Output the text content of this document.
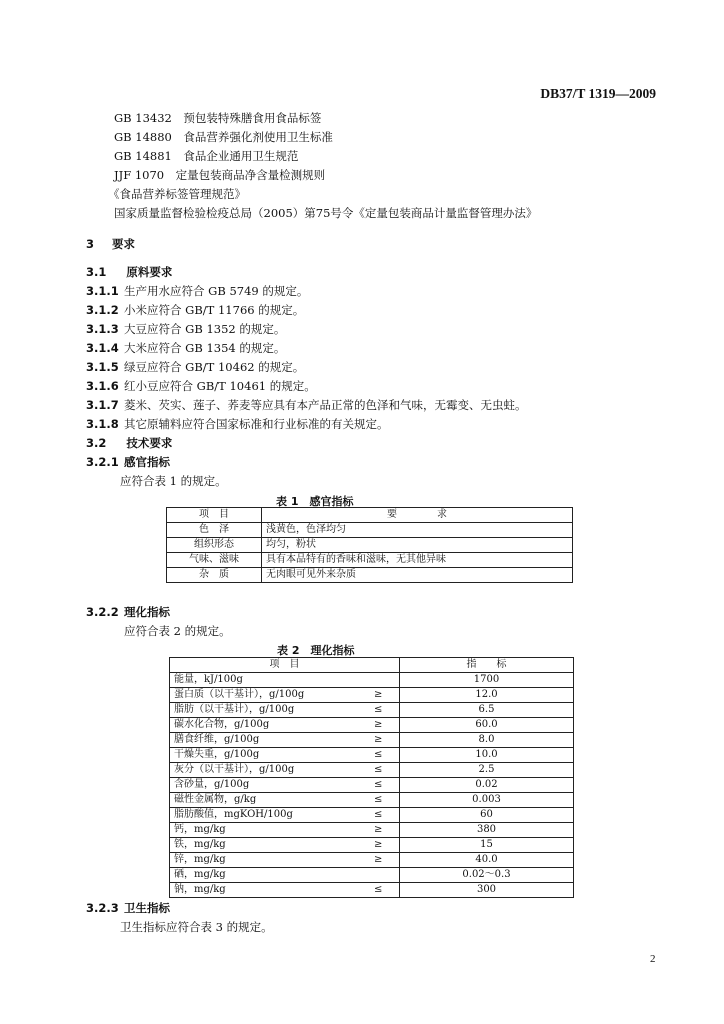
DB37/T 1319—2009
GB 13432　预包装特殊膳食用食品标签
GB 14880　食品营养强化剂使用卫生标准
GB 14881　食品企业通用卫生规范
JJF 1070　定量包装商品净含量检测规则
《食品营养标签管理规范》
国家质量监督检验检疫总局（2005）第75号令《定量包装商品计量监督管理办法》
3 要求
3.1 原料要求
3.1.1 生产用水应符合 GB 5749 的规定。
3.1.2 小米应符合 GB/T 11766 的规定。
3.1.3 大豆应符合 GB 1352 的规定。
3.1.4 大米应符合 GB 1354 的规定。
3.1.5 绿豆应符合 GB/T 10462 的规定。
3.1.6 红小豆应符合 GB/T 10461 的规定。
3.1.7 菱米、芡实、莲子、荞麦等应具有本产品正常的色泽和气味，无霉变、无虫蛀。
3.1.8 其它原辅料应符合国家标准和行业标准的有关规定。
3.2 技术要求
3.2.1 感官指标
应符合表 1 的规定。
表 1　感官指标
项　目	要　　　　求
色　泽	浅黄色，色泽均匀
组织形态	均匀，粉状
气味、滋味	具有本品特有的香味和滋味，无其他异味
杂　质	无肉眼可见外来杂质
3.2.2 理化指标
应符合表 2 的规定。
表 2　理化指标
项　目		指　　标
能量，kJ/100g		1700
蛋白质（以干基计），g/100g	≥	12.0
脂肪（以干基计），g/100g	≤	6.5
碳水化合物，g/100g	≥	60.0
膳食纤维，g/100g	≥	8.0
干燥失重，g/100g	≤	10.0
灰分（以干基计），g/100g	≤	2.5
含砂量，g/100g	≤	0.02
磁性金属物，g/kg	≤	0.003
脂肪酸值，mgKOH/100g	≤	60
钙，mg/kg	≥	380
铁，mg/kg	≥	15
锌，mg/kg	≥	40.0
硒，mg/kg		0.02～0.3
钠，mg/kg	≤	300
3.2.3 卫生指标
卫生指标应符合表 3 的规定。
2
